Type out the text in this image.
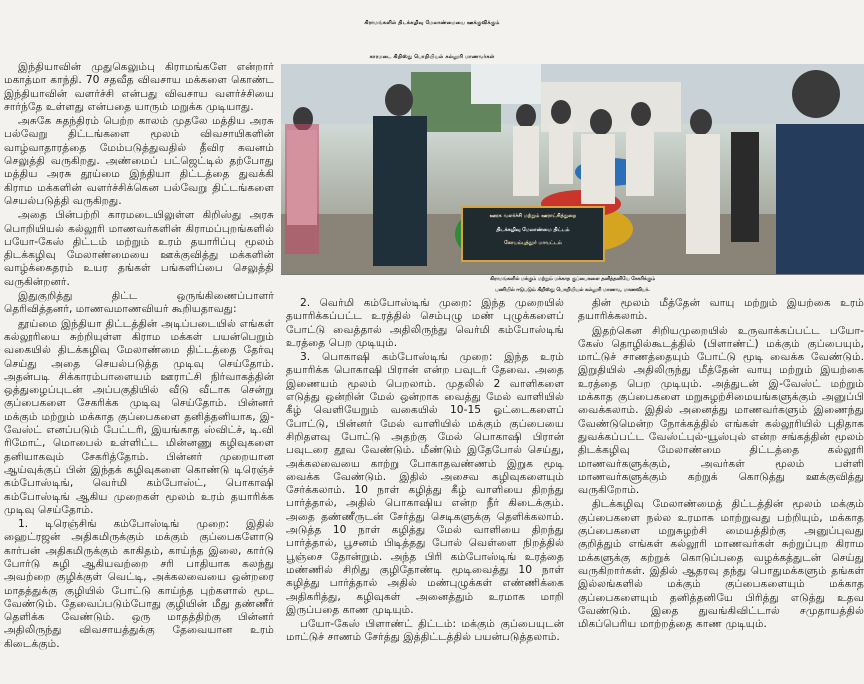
கிராமங்களில் திடக்கழிவு மேலாண்மையை ஊக்குவிக்கும்
காரமடை கிறிஸ்து பொறியியல் கல்லூரி மாணவர்கள்

இந்தியாவின் முதுகெலும்பு கிராமங்களே என்றார் மகாத்மா காந்தி. 70 சதவீத விவசாய மக்களை கொண்ட இந்தியாவின் வளர்ச்சி என்பது விவசாய வளர்ச்சியை சார்ந்தே உள்ளது என்பதை யாரும் மறுக்க முடியாது.

அசுகே சுதந்திரம் பெற்ற காலம் முதலே மத்திய அரசு பல்வேறு திட்டங்களை மூலம் விவசாயிகளின் வாழ்வாதாரத்தை மேம்படுத்துவதில் தீவிர கவனம் செலுத்தி வருகிறது. அண்மைப் பட்ஜெட்டில் தற்போது மத்திய அரசு தூய்மை இந்தியா திட்டத்தை துவக்கி கிராம மக்களின் வளர்ச்சிக்கென பல்வேறு திட்டங்களை செயல்படுத்தி வருகிறது.

அதை பின்பற்றி காரமடையிலுள்ள கிறிஸ்து அரசு பொறியியல் கல்லூரி மாணவர்களின் கிராமப்புறங்களில் பயோ-கேஸ் திட்டம் மற்றும் உரம் தயாரிப்பு மூலம் திடக்கழிவு மேலாண்மையை ஊக்குவித்து மக்களின் வாழ்க்கைதரம் உயர தங்கள் பங்களிப்பை செலுத்தி வருகின்றனர்.

இதுகுறித்து திட்ட ஒருங்கிணைப்பாளர் தெரிவித்தனர், மாணவமாணவியர் கூறியதாவது:

தூய்மை இந்தியா திட்டத்தின் அடிப்படையில் எங்கள் கல்லூரியை சுற்றியுள்ள கிராம மக்கள் பயன்பெறும் வகையில் திடக்கழிவு மேலாண்மை திட்டத்தை தேர்வு செய்து அதை செயல்படுத்த முடிவு செய்தோம். அதன்படி சிக்காரம்பாளையம் ஊராட்சி நிர்வாகத்தின் ஒத்துழைப்புடன் அப்பகுதியில் வீடு வீடாக சென்று குப்பைகளை சேகரிக்க முடிவு செய்தோம். பின்னர் மக்கும் மற்றும் மக்காத குப்பைகளை தனித்தனியாக, இ-வேஸ்ட் எனப்படும் பேட்டரி, இயங்காத ஸ்விட்ச், டி.வி ரிமோட், மொபைல் உள்ளிட்ட மின்னணு கழிவுகளை தனியாகவும் சேகரித்தோம். பின்னர் முறையான ஆய்வுக்குப் பின் இந்தக் கழிவுகளை கொண்டு டிரெஞ்ச் கம்போஸ்டிங், வெர்மி கம்போஸ்ட், பொகாஷி கம்போஸ்டிங் ஆகிய முறைகள் மூலம் உரம் தயாரிக்க முடிவு செய்தோம்.

1. டிரெஞ்சிங் கம்போஸ்டிங் முறை: இதில் ஹைட்ரஜன் அதிகமிருக்கும் மக்கும் குப்பைகளோடு கார்பன் அதிகமிருக்கும் காகிதம், காய்ந்த இலை, கார்டு போர்டு சுழி ஆகியவற்றை சரி பாதியாக கலந்து அவற்றை குழிக்குள் வெட்டி, அக்கலவையை ஒன்றரை மாதத்துக்கு குழியில் போட்டு காய்ந்த புற்களால் மூட வேண்டும். தேவைப்படும்போது குழியின் மீது தண்ணீர் தெளிக்க வேண்டும். ஒரு மாதத்திற்கு பின்னர் அதிலிருந்து விவசாயத்துக்கு தேவையான உரம் கிடைக்கும்.

ஊரக வளர்ச்சி மற்றும் ஊராட்சித்துறை
திடக்கழிவு மேலாண்மை திட்டம்
கோயம்புத்தூர் மாவட்டம்
கிராமங்களில் மக்கும் மற்றும் மக்காத குப்பைகளை தனித்தனியே சேகரிக்கும்
பணியில் ஈடுபடும் கிறிஸ்து பொறியியல் கல்லூரி மாணவ, மாணவியர்.

2. வெர்மி கம்போஸ்டிங் முறை: இந்த முறையில் தயாரிக்கப்பட்ட உரத்தில் செம்புழு மண் புழுக்களைப் போட்டு வைத்தால் அதிலிருந்து வெர்மி கம்போஸ்டிங் உரத்தை பெற முடியும்.

3. பொகாஷி கம்போஸ்டிங் முறை: இந்த உரம் தயாரிக்க பொகாஷி பிரான் என்ற பவுடர் தேவை. அதை இணையம் மூலம் பெறலாம். முதலில் 2 வாளிகளை எடுத்து ஒன்றின் மேல் ஒன்றாக வைத்து மேல் வாளியில் கீழ் வெளியேறும் வகையில் 10-15 ஓட்டைகளைப் போட்டு, பின்னர் மேல் வாளியில் மக்கும் குப்பையை சிறிதளவு போட்டு அதற்கு மேல் பொகாஷி பிரான் பவுடரை தூவ வேண்டும். மீண்டும் இதேபோல் செய்து, அக்கலவையை காற்று போகாதவண்ணம் இறுக மூடி வைக்க வேண்டும். இதில் அசைவ கழிவுகளையும் சேர்க்கலாம். 10 நாள் கழித்து கீழ் வாளியை திறந்து பார்த்தால், அதில் பொகாஷிய என்ற நீர் கிடைக்கும். அதை தண்ணீருடன் சேர்த்து செடிகளுக்கு தெளிக்கலாம். அடுத்த 10 நாள் கழித்து மேல் வாளியை திறந்து பார்த்தால், பூசனம் பிடித்தது போல் வெள்ளை நிறத்தில் பூஞ்சை தோன்றும். அந்த பிரி கம்போஸ்டிங் உரத்தை மண்ணில் சிறிது குழிதோண்டி மூடிவைத்து 10 நாள் கழித்து பார்த்தால் அதில் மண்புழுக்கள் எண்ணிக்கை அதிகரித்து, கழிவுகள் அனைத்தும் உரமாக மாறி இருப்பதை காண முடியும்.

பயோ-கேஸ் பிளாண்ட் திட்டம்: மக்கும் குப்பையுடன் மாட்டுச் சாணம் சேர்த்து இத்திட்டத்தில் பயன்படுத்தலாம்.

தின் மூலம் மீத்தேன் வாயு மற்றும் இயற்கை உரம் தயாரிக்கலாம்.

இதற்கென சிறியமுறையில் உருவாக்கப்பட்ட பயோ-கேஸ் தொழில்கூடத்தில் (பிளாண்ட்) மக்கும் குப்பையும், மாட்டுச் சாணத்தையும் போட்டு மூடி வைக்க வேண்டும். இறுதியில் அதிலிருந்து மீத்தேன் வாயு மற்றும் இயற்கை உரத்தை பெற முடியும். அத்துடன் இ-வேஸ்ட் மற்றும் மக்காத குப்பைகளை மறுசுழற்சிமையங்களுக்கும் அனுப்பி வைக்கலாம். இதில் அனைத்து மாணவர்களும் இணைந்து வேண்டுமென்ற நோக்கத்தில் எங்கள் கல்லூரியில் புதிதாக துவக்கப்பட்ட வேஸ்ட்புல்-யூஸ்புல் என்ற சங்கத்தின் மூலம் திடக்கழிவு மேலாண்மை திட்டத்தை கல்லூரி மாணவர்களுக்கும், அவர்கள் மூலம் பள்ளி மாணவர்களுக்கும் கற்றுக் கொடுத்து ஊக்குவித்து வருகிறோம்.

திடக்கழிவு மேலாண்மைத் திட்டத்தின் மூலம் மக்கும் குப்பைகளை நல்ல உரமாக மாற்றுவது பற்றியும், மக்காத குப்பைகளை மறுசுழற்சி மையத்திற்கு அனுப்புவது குறித்தும் எங்கள் கல்லூரி மாணவர்கள் சுற்றுப்புற கிராம மக்களுக்கு கற்றுக் கொடுப்பதை வழக்கத்துடன் செய்து வருகிறார்கள். இதில் ஆதரவு தந்து பொதுமக்களும் தங்கள் இல்லங்களில் மக்கும் குப்பைகளையும் மக்காத குப்பைகளையும் தனித்தனியே பிரித்து எடுத்து உதவ வேண்டும். இதை துவங்கிவிட்டால் சமுதாயத்தில் மிகப்பெரிய மாற்றத்தை காண முடியும்.
